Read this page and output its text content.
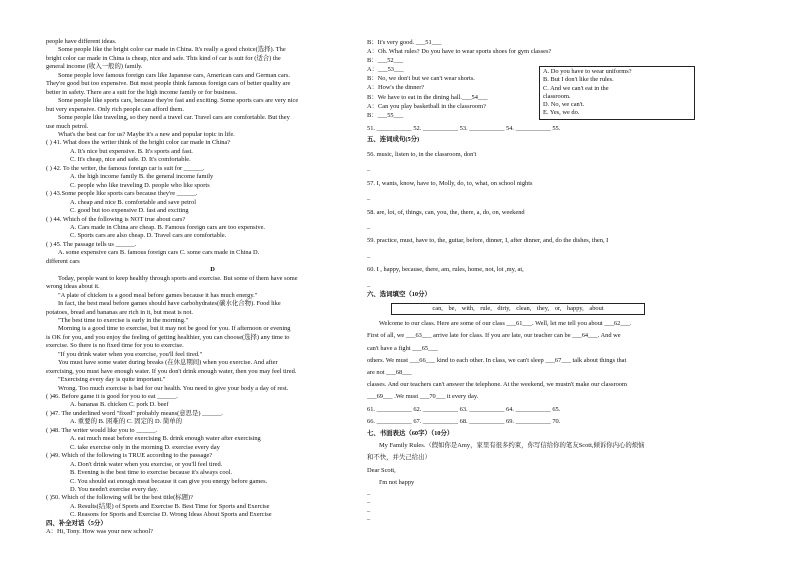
people have different ideas.
Some people like the bright color car made in China. It's really a good choice(选择). The
bright color car made in China is cheap, nice and safe. This kind of car is suit for (适合) the
general income (收入一般的) family.
Some people love famous foreign cars like Japanese cars, American cars and German cars.
They're good but too expensive. But most people think famous foreign cars of better quality are
better in safety. There are a suit for the high income family or for business.
Some people like sports cars, because they're fast and exciting. Some sports cars are very nice
but very expensive. Only rich people can afford them.
Some people like traveling, so they need a travel car. Travel cars are comfortable. But they
use much petrol.
What's the best car for us? Maybe it's a new and popular topic in life.
( ) 41. What does the writer think of the bright color car made in China?
A. It's nice but expensive. B. It's sports and fast.
C. It's cheap, nice and safe. D. It's comfortable.
( ) 42. To the writer, the famous foreign car is suit for ______.
A. the high income family B. the general income family
C. people who like traveling D. people who like sports
( ) 43.Some people like sports cars because they're ______.
A. cheap and nice B. comfortable and save petrol
C. good but too expensive D. fast and exciting
( ) 44. Which of the following is NOT true about cars?
A. Cars made in China are cheap. B. Famous foreign cars are too expensive.
C. Sports cars are also cheap. D. Travel cars are comfortable.
( ) 45. The passage tells us ______.
A. some expensive cars B. famous foreign cars C. some cars made in China D.
different cars
D
Today, people want to keep healthy through sports and exercise. But some of them have some
wrong ideas about it.
"A plate of chicken is a good meal before games because it has much energy."
In fact, the best meal before games should have carbohydrates(碳水化合物). Food like
potatoes, bread and bananas are rich in it, but meat is not.
"The best time to exercise is early in the morning."
Morning is a good time to exercise, but it may not be good for you. If afternoon or evening
is OK for you, and you enjoy the feeling of getting healthier, you can choose(选择) any time to
exercise. So there is no fixed time for you to exercise.
"If you drink water when you exercise, you'll feel tired."
You must have some water during breaks (在休息期间) when you exercise. And after
exercising, you must have enough water. If you don't drink enough water, then you may feel tired.
"Exercising every day is quite important."
Wrong. Too much exercise is bad for our health. You need to give your body a day of rest.
( )46. Before game it is good for you to eat ______.
A. bananas B. chicken C. pork D. beef
( )47. The underlined word "fixed" probably means(意思是) ______.
A. 重要的 B. 困难的 C. 固定的 D. 简单的
( )48. The writer would like you to ______.
A. eat much meat before exercising B. drink enough water after exercising
C. take exercise only in the morning D. exercise every day
( )49. Which of the following is TRUE according to the passage?
A. Don't drink water when you exercise, or you'll feel tired.
B. Evening is the best time to exercise because it's always cool.
C. You should eat enough meat because it can give you energy before games.
D. You needn't exercise every day.
( )50. Which of the following will be the best title(标题)?
A. Results(结果) of Sports and Exercise B. Best Time for Sports and Exercise
C. Reasons for Sports and Exercise D. Wrong Ideas About Sports and Exercise
四、补全对话（5分）
A：Hi, Tony. How was your new school?
B：It's very good. ___51___
A：Oh. What rules? Do you have to wear sports shoes for gym classes?
B：___52___
A：___53___
B：No, we don't but we can't wear shorts.
A：How's the dinner?
B：We have to eat in the dining hall.___54___
A：Can you play basketball in the classroom?
B：___55___
A. Do you have to wear uniforms?
B. But I don't like the rules.
C. And we can't eat in the
classroom.
D. No, we can't.
E. Yes, we do.
51. ___________ 52. ___________ 53. ___________ 54. ___________ 55.
五、连词成句(5分)
56. music, listen to, in the classroom, don't
_
57. I, wants, know, have to, Molly, do, to, what, on school nights
_
58. are, lot, of, things, can, you, the, there, a, do, on, weekend
_
59. practice, must, have to, the, guitar, before, dinner, I, after dinner, and, do the dishes, then, I
_
60. I , happy, because, there, am, rules, home, not, lot ,my, at,
_
六、选词填空（10分）
can, be, with, rule, dirty, clean, they, or, happy, about
Welcome to our class. Here are some of our class ___61___. Well, let me tell you about ___62___.
First of all, we ___63___ arrive late for class. If you are late, our teacher can be ___64___. And we
can't have a fight ___65___
others. We must ___66___ kind to each other. In class, we can't sleep ___67___ talk about things that
are not ___68___
classes. And our teachers can't answer the telephone. At the weekend, we mustn't make our classroom
___69___ .We must ___70___ it every day.
61. ___________ 62. ___________ 63. ___________ 64. ___________ 65.
66. ___________ 67. ___________ 68. ___________ 69. ___________ 70.
七、书面表达（60字）（10分）
My Family Rules.（假如你是Amy，家里有很多约束，你写信给你的笔友Scott,倾诉你内心的烦恼
和不快，并失己给出）
Dear Scott,
I'm not happy
_
_
_
_
